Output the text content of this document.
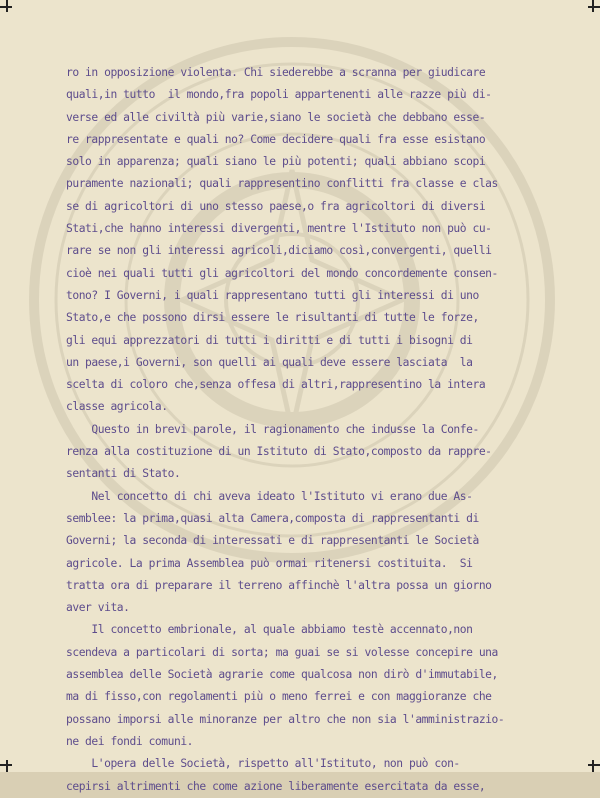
ro in opposizione violenta. Chi siederebbe a scranna per giudicare
quali,in tutto  il mondo,fra popoli appartenenti alle razze più di-
verse ed alle civiltà più varie,siano le società che debbano esse-
re rappresentate e quali no? Come decidere quali fra esse esistano
solo in apparenza; quali siano le più potenti; quali abbiano scopi
puramente nazionali; quali rappresentino conflitti fra classe e clas
se di agricoltori di uno stesso paese,o fra agricoltori di diversi
Stati,che hanno interessi divergenti, mentre l'Istituto non può cu-
rare se non gli interessi agricoli,diciamo così,convergenti, quelli
cioè nei quali tutti gli agricoltori del mondo concordemente consen-
tono? I Governi, i quali rappresentano tutti gli interessi di uno
Stato,e che possono dirsi essere le risultanti di tutte le forze,
gli equi apprezzatori di tutti i diritti e di tutti i bisogni di
un paese,i Governi, son quelli ai quali deve essere lasciata  la
scelta di coloro che,senza offesa di altri,rappresentino la intera
classe agricola.
Questo in brevi parole, il ragionamento che indusse la Confe-
renza alla costituzione di un Istituto di Stato,composto da rappre-
sentanti di Stato.
Nel concetto di chi aveva ideato l'Istituto vi erano due As-
semblee: la prima,quasi alta Camera,composta di rappresentanti di
Governi; la seconda di interessati e di rappresentanti le Società
agricole. La prima Assemblea può ormai ritenersi costituita.  Si
tratta ora di preparare il terreno affinchè l'altra possa un giorno
aver vita.
Il concetto embrionale, al quale abbiamo testè accennato,non
scendeva a particolari di sorta; ma guai se si volesse concepire una
assemblea delle Società agrarie come qualcosa non dirò d'immutabile,
ma di fisso,con regolamenti più o meno ferrei e con maggioranze che
possano imporsi alle minoranze per altro che non sia l'amministrazio-
ne dei fondi comuni.
L'opera delle Società, rispetto all'Istituto, non può con-
cepirsi altrimenti che come azione liberamente esercitata da esse,
